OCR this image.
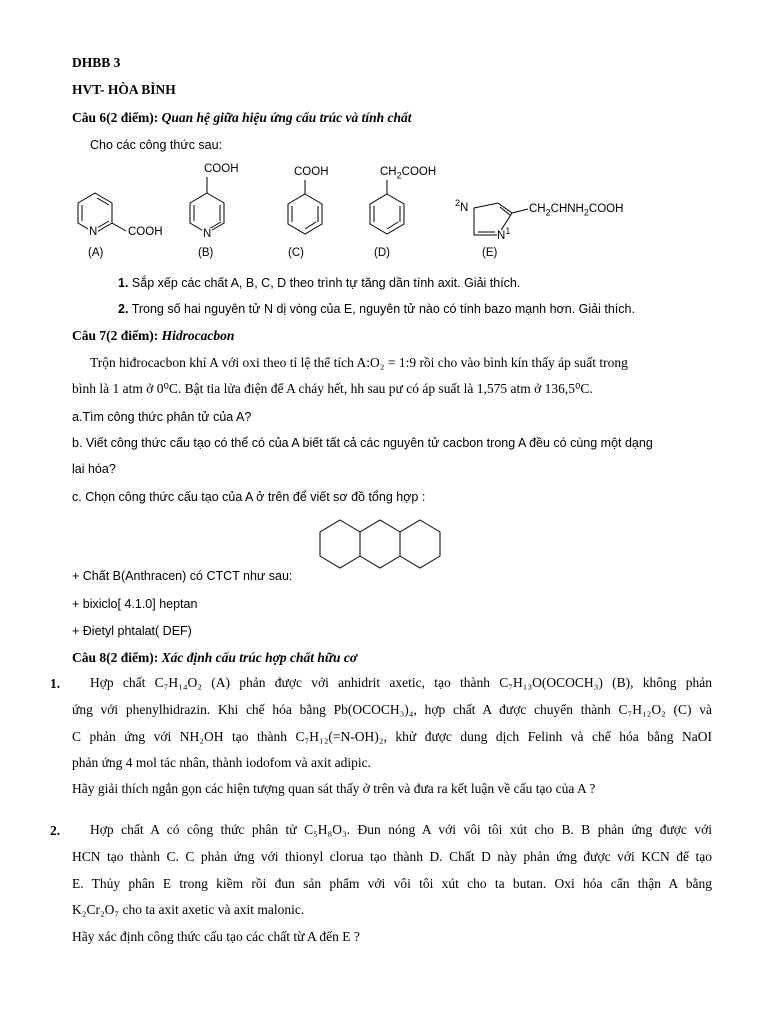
DHBB 3
HVT- HÒA BÌNH
Câu 6(2 điểm): Quan hệ giữa hiệu ứng cấu trúc và tính chất
Cho các công thức sau:
N	COOH
(A)
COOH
N
(B)
COOH
(C)
$CH_2COOH$
(D)
$^2$N
$N^1$
$CH_2CHNH_2COOH$
(E)
1. Sắp xếp các chất A, B, C, D theo trình tự tăng dần tính axit. Giải thích.
2. Trong số hai nguyên tử N dị vòng của E, nguyên tử nào có tính bazo mạnh hơn. Giải thích.
Câu 7(2 điểm): Hidrocacbon
Trộn hiđrocacbon khí A với oxi theo tỉ lệ thể tích A:O₂ = 1:9 rồi cho vào bình kín thấy áp suất trong
bình là 1 atm ở 0⁰C. Bật tia lửa điện để A cháy hết, hh sau pư có áp suất là 1,575 atm ở 136,5⁰C.
a.Tìm công thức phân tử của A?
b. Viết công thức cấu tạo có thể có của A biết tất cả các nguyên tử cacbon trong A đều có cùng một dạng
lai hóa?
c. Chọn công thức cấu tạo của A ở trên để viết sơ đồ tổng hợp :
+ Chất B(Anthracen) có CTCT như sau:
+ bixiclo[ 4.1.0] heptan
+ Đietyl phtalat( DEF)
Câu 8(2 điểm): Xác định cấu trúc hợp chất hữu cơ
1. Hợp chất C₇H₁₄O₂ (A) phản được với anhidrit axetic, tạo thành C₇H₁₃O(OCOCH₃) (B), không phản
ứng với phenylhidrazin. Khi chế hóa bằng Pb(OCOCH₃)₄, hợp chất A được chuyển thành C₇H₁₂O₂ (C) và
C phản ứng với NH₂OH tạo thành C₇H₁₂(=N-OH)₂, khử được dung dịch Felinh và chế hóa bằng NaOI
phản ứng 4 mol tác nhân, thành iodofom và axit adipic.
Hãy giải thích ngắn gọn các hiện tượng quan sát thấy ở trên và đưa ra kết luận về cấu tạo của A ?
2. Hợp chất A có công thức phân tử C₅H₈O₃. Đun nóng A với vôi tôi xút cho B. B phản ứng được với
HCN tạo thành C. C phản ứng với thionyl clorua tạo thành D. Chất D này phản ứng được với KCN để tạo
E. Thủy phân E trong kiềm rồi đun sản phẩm với vôi tôi xút cho ta butan. Oxi hóa cẩn thận A bằng
K₂Cr₂O₇ cho ta axit axetic và axit malonic.
Hãy xác định công thức cấu tạo các chất từ A đến E ?
